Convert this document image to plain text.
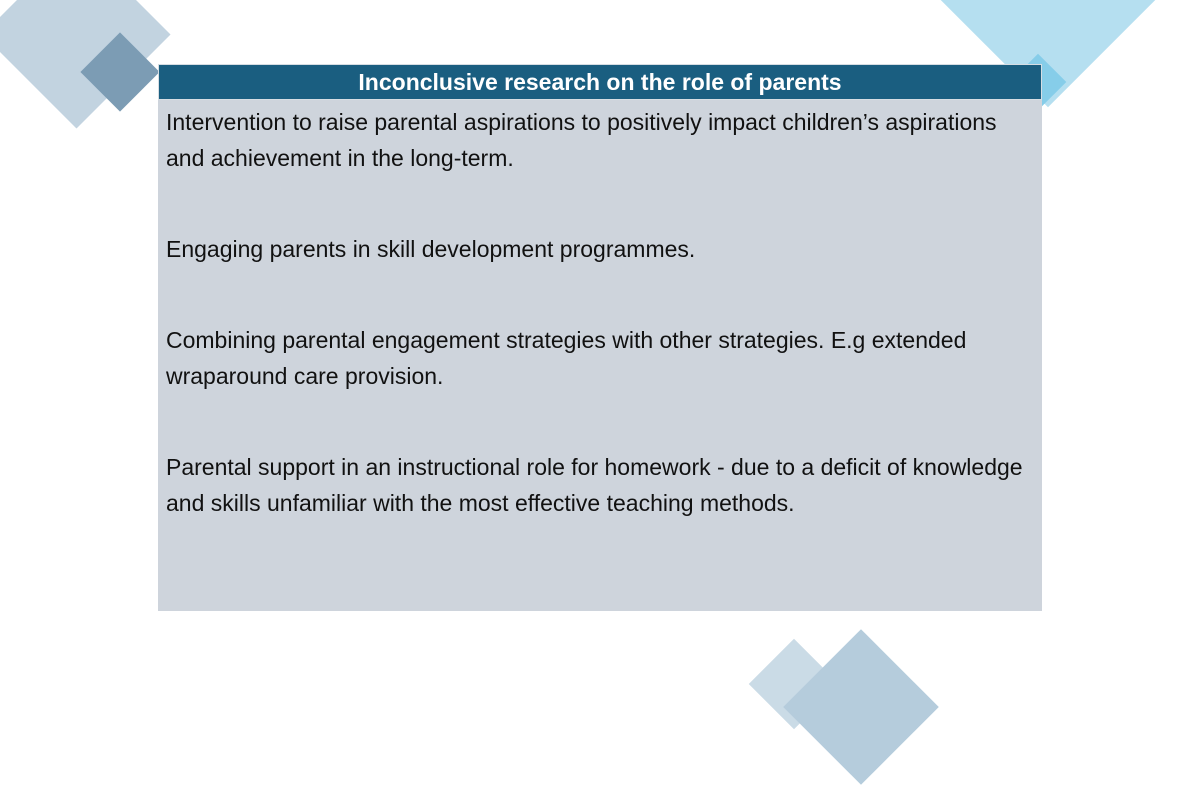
Inconclusive research on the role of parents

Intervention to raise parental aspirations to positively impact children’s aspirations and achievement in the long-term.

Engaging parents in skill development programmes.

Combining parental engagement strategies with other strategies. E.g extended wraparound care provision.

Parental support in an instructional role for homework - due to a deficit of knowledge and skills unfamiliar with the most effective teaching methods.
